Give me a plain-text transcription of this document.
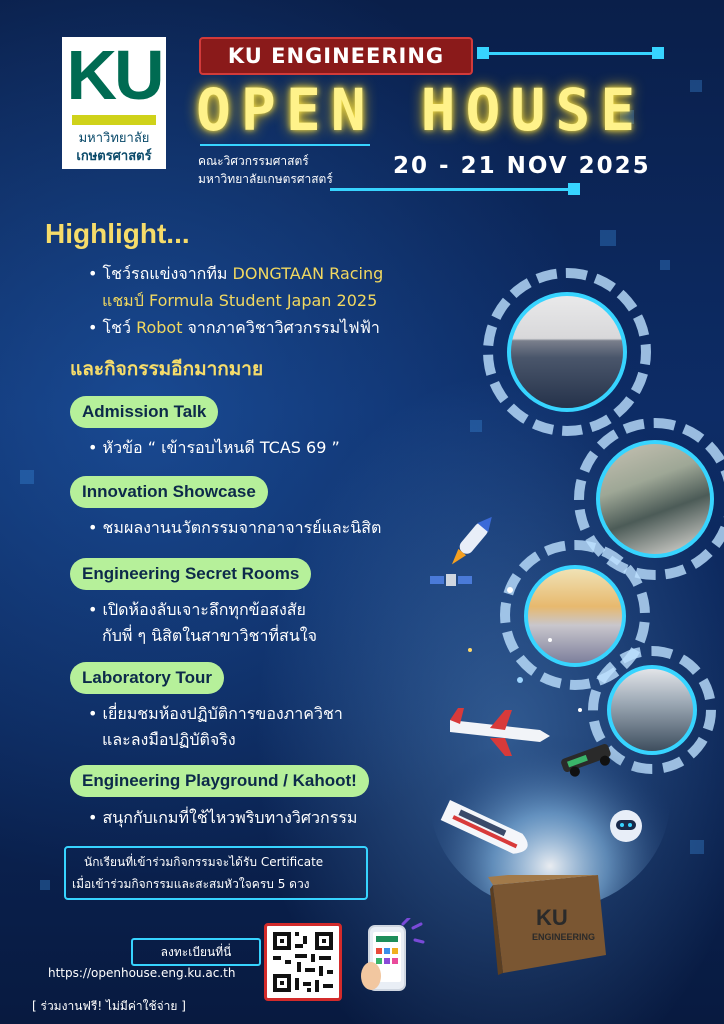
KU
มหาวิทยาลัย
เกษตรศาสตร์
KU ENGINEERING
OPEN HOUSE
คณะวิศวกรรมศาสตร์
มหาวิทยาลัยเกษตรศาสตร์	20 - 21 NOV 2025
Highlight...
• โชว์รถแข่งจากทีม DONGTAAN Racing
แชมป์ Formula Student Japan 2025
• โชว์ Robot จากภาควิชาวิศวกรรมไฟฟ้า
และกิจกรรมอีกมากมาย
Admission Talk
• หัวข้อ “ เข้ารอบไหนดี TCAS 69 ”
Innovation Showcase
• ชมผลงานนวัตกรรมจากอาจารย์และนิสิต
Engineering Secret Rooms
• เปิดห้องลับเจาะลึกทุกข้อสงสัย
กับพี่ ๆ นิสิตในสาขาวิชาที่สนใจ
Laboratory Tour
• เยี่ยมชมห้องปฏิบัติการของภาควิชา
และลงมือปฏิบัติจริง
Engineering Playground / Kahoot!
• สนุกกับเกมที่ใช้ไหวพริบทางวิศวกรรม
นักเรียนที่เข้าร่วมกิจกรรมจะได้รับ Certificate
เมื่อเข้าร่วมกิจกรรมและสะสมหัวใจครบ 5 ดวง
ลงทะเบียนที่นี่
https://openhouse.eng.ku.ac.th
[ ร่วมงานฟรี! ไม่มีค่าใช้จ่าย ]
KU
ENGINEERING
